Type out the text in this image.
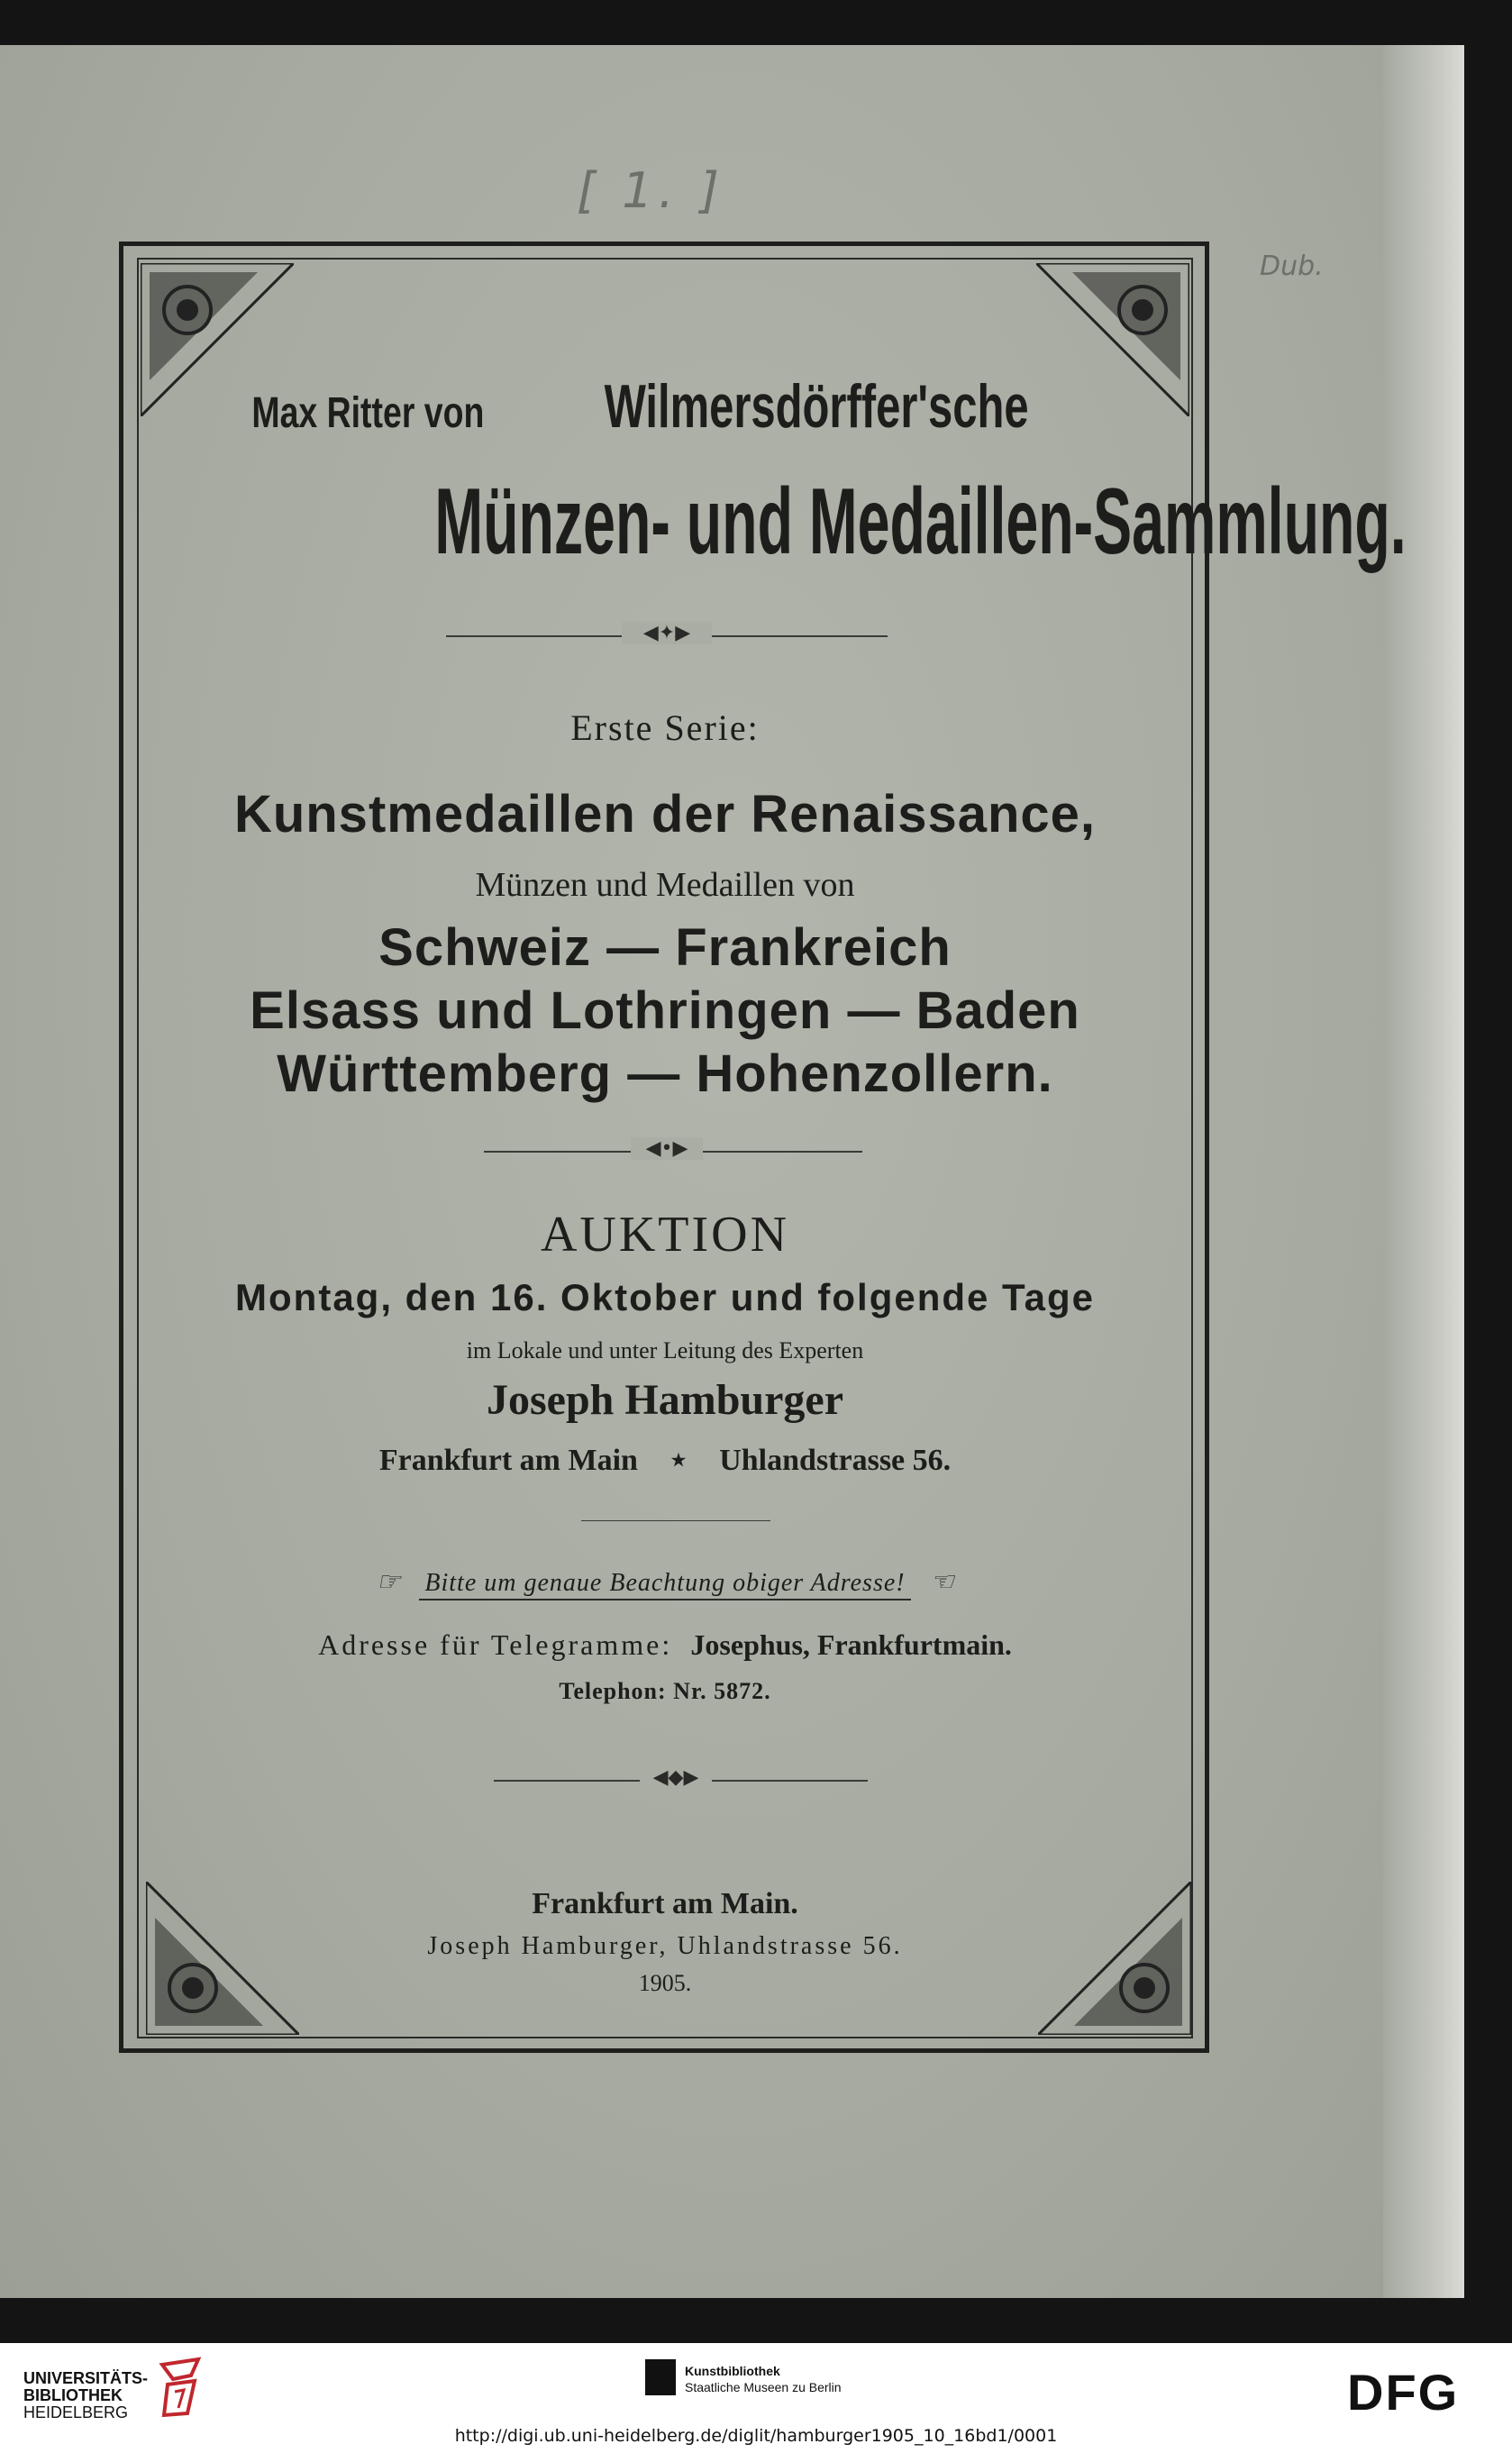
[ 1. ]
Dub.
Max Ritter von Wilmersdörffer'sche
Münzen- und Medaillen-Sammlung.
◀✦▶
Erste Serie:
Kunstmedaillen der Renaissance,
Münzen und Medaillen von
Schweiz — Frankreich
Elsass und Lothringen — Baden
Württemberg — Hohenzollern.
◀•▶
AUKTION
Montag, den 16. Oktober und folgende Tage
im Lokale und unter Leitung des Experten
Joseph Hamburger
Frankfurt am Main ⋆ Uhlandstrasse 56.
☞ Bitte um genaue Beachtung obiger Adresse! ☜
Adresse für Telegramme: Josephus, Frankfurtmain.
Telephon: Nr. 5872.
◀◆▶
Frankfurt am Main.
Joseph Hamburger, Uhlandstrasse 56.
1905.
UNIVERSITÄTS-
BIBLIOTHEK
HEIDELBERG
Kunstbibliothek
Staatliche Museen zu Berlin	DFG
http://digi.ub.uni-heidelberg.de/diglit/hamburger1905_10_16bd1/0001
